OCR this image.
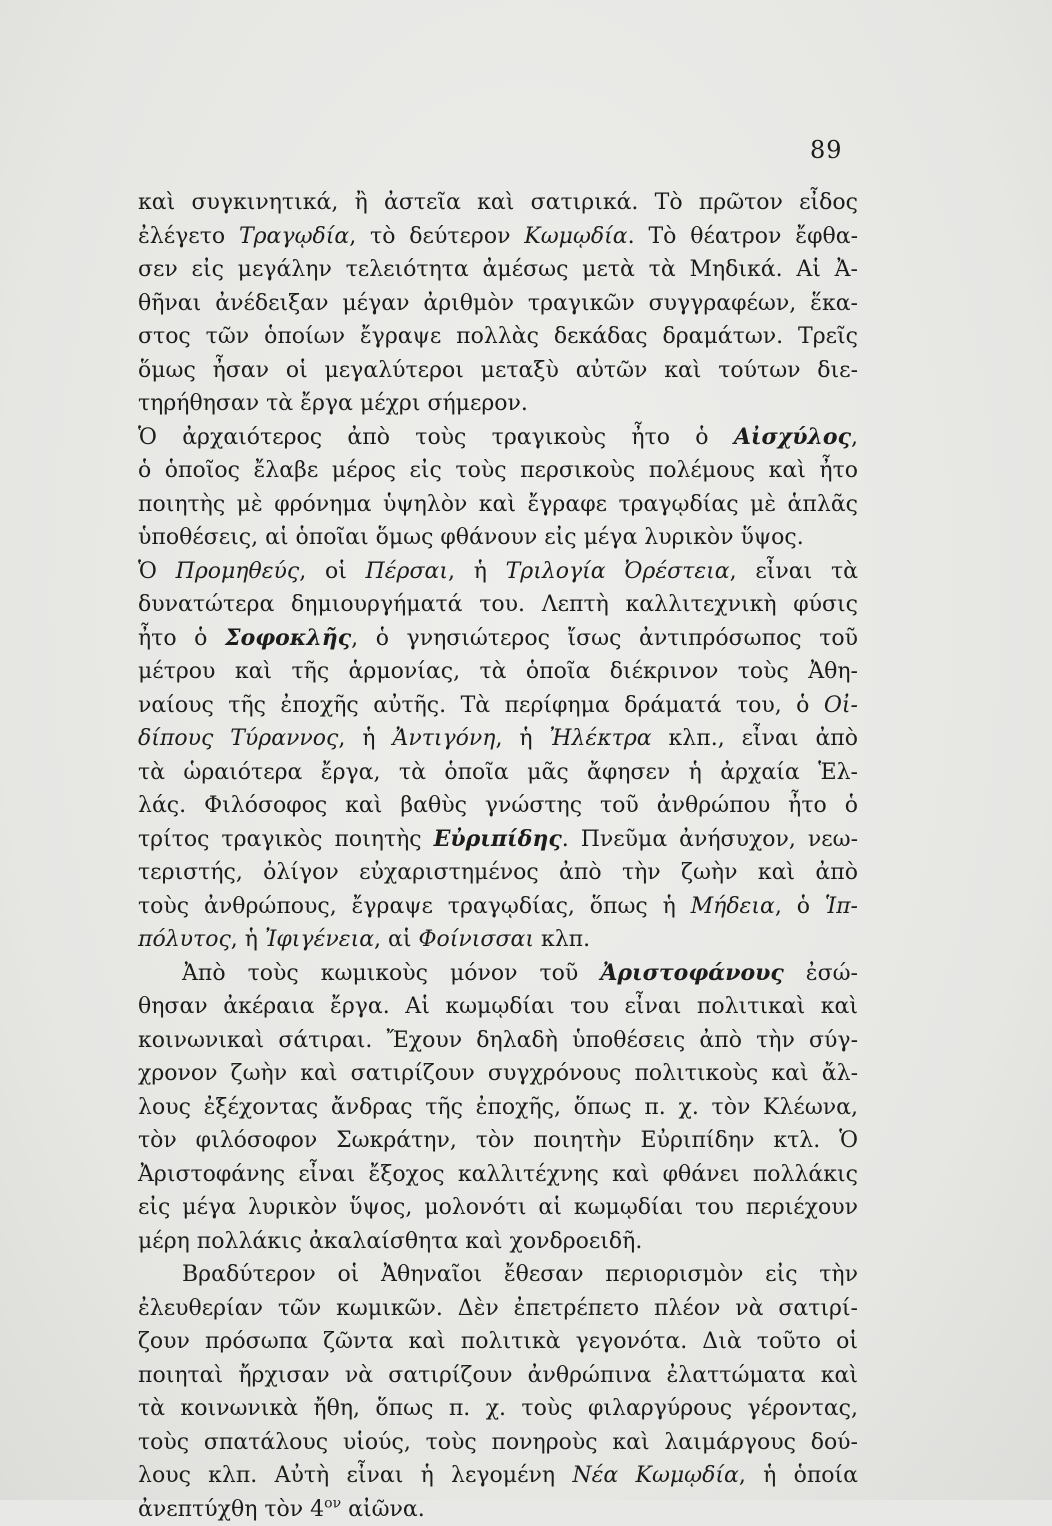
89
καὶ συγκινητικά, ἢ ἀστεῖα καὶ σατιρικά. Τὸ πρῶτον εἶδος
ἐλέγετο Τραγῳδία, τὸ δεύτερον Κωμῳδία. Τὸ θέατρον ἔφθα-
σεν εἰς μεγάλην τελειότητα ἀμέσως μετὰ τὰ Μηδικά. Αἱ Ἀ-
θῆναι ἀνέδειξαν μέγαν ἀριθμὸν τραγικῶν συγγραφέων, ἕκα-
στος τῶν ὁποίων ἔγραψε πολλὰς δεκάδας δραμάτων. Τρεῖς
ὅμως ἦσαν οἱ μεγαλύτεροι μεταξὺ αὐτῶν καὶ τούτων διε-
τηρήθησαν τὰ ἔργα μέχρι σήμερον.
Ὁ ἀρχαιότερος ἀπὸ τοὺς τραγικοὺς ἦτο ὁ Αἰσχύλος,
ὁ ὁποῖος ἔλαβε μέρος εἰς τοὺς περσικοὺς πολέμους καὶ ἦτο
ποιητὴς μὲ φρόνημα ὑψηλὸν καὶ ἔγραφε τραγῳδίας μὲ ἁπλᾶς
ὑποθέσεις, αἱ ὁποῖαι ὅμως φθάνουν εἰς μέγα λυρικὸν ὕψος.
Ὁ Προμηθεύς, οἱ Πέρσαι, ἡ Τριλογία Ὀρέστεια, εἶναι τὰ
δυνατώτερα δημιουργήματά του. Λεπτὴ καλλιτεχνικὴ φύσις
ἦτο ὁ Σοφοκλῆς, ὁ γνησιώτερος ἴσως ἀντιπρόσωπος τοῦ
μέτρου καὶ τῆς ἁρμονίας, τὰ ὁποῖα διέκρινον τοὺς Ἀθη-
ναίους τῆς ἐποχῆς αὐτῆς. Τὰ περίφημα δράματά του, ὁ Οἰ-
δίπους Τύραννος, ἡ Ἀντιγόνη, ἡ Ἠλέκτρα κλπ., εἶναι ἀπὸ
τὰ ὡραιότερα ἔργα, τὰ ὁποῖα μᾶς ἄφησεν ἡ ἀρχαία Ἑλ-
λάς. Φιλόσοφος καὶ βαθὺς γνώστης τοῦ ἀνθρώπου ἦτο ὁ
τρίτος τραγικὸς ποιητὴς Εὐριπίδης. Πνεῦμα ἀνήσυχον, νεω-
τεριστής, ὀλίγον εὐχαριστημένος ἀπὸ τὴν ζωὴν καὶ ἀπὸ
τοὺς ἀνθρώπους, ἔγραψε τραγῳδίας, ὅπως ἡ Μήδεια, ὁ Ἱπ-
πόλυτος, ἡ Ἰφιγένεια, αἱ Φοίνισσαι κλπ.
Ἀπὸ τοὺς κωμικοὺς μόνον τοῦ Ἀριστοφάνους ἐσώ-
θησαν ἀκέραια ἔργα. Αἱ κωμῳδίαι του εἶναι πολιτικαὶ καὶ
κοινωνικαὶ σάτιραι. Ἔχουν δηλαδὴ ὑποθέσεις ἀπὸ τὴν σύγ-
χρονον ζωὴν καὶ σατιρίζουν συγχρόνους πολιτικοὺς καὶ ἄλ-
λους ἐξέχοντας ἄνδρας τῆς ἐποχῆς, ὅπως π. χ. τὸν Κλέωνα,
τὸν φιλόσοφον Σωκράτην, τὸν ποιητὴν Εὐριπίδην κτλ. Ὁ
Ἀριστοφάνης εἶναι ἔξοχος καλλιτέχνης καὶ φθάνει πολλάκις
εἰς μέγα λυρικὸν ὕψος, μολονότι αἱ κωμῳδίαι του περιέχουν
μέρη πολλάκις ἀκαλαίσθητα καὶ χονδροειδῆ.
Βραδύτερον οἱ Ἀθηναῖοι ἔθεσαν περιορισμὸν εἰς τὴν
ἐλευθερίαν τῶν κωμικῶν. Δὲν ἐπετρέπετο πλέον νὰ σατιρί-
ζουν πρόσωπα ζῶντα καὶ πολιτικὰ γεγονότα. Διὰ τοῦτο οἱ
ποιηταὶ ἤρχισαν νὰ σατιρίζουν ἀνθρώπινα ἐλαττώματα καὶ
τὰ κοινωνικὰ ἤθη, ὅπως π. χ. τοὺς φιλαργύρους γέροντας,
τοὺς σπατάλους υἱούς, τοὺς πονηροὺς καὶ λαιμάργους δού-
λους κλπ. Αὐτὴ εἶναι ἡ λεγομένη Νέα Κωμῳδία, ἡ ὁποία
ἀνεπτύχθη τὸν $4^{o\nu}$ αἰῶνα.
